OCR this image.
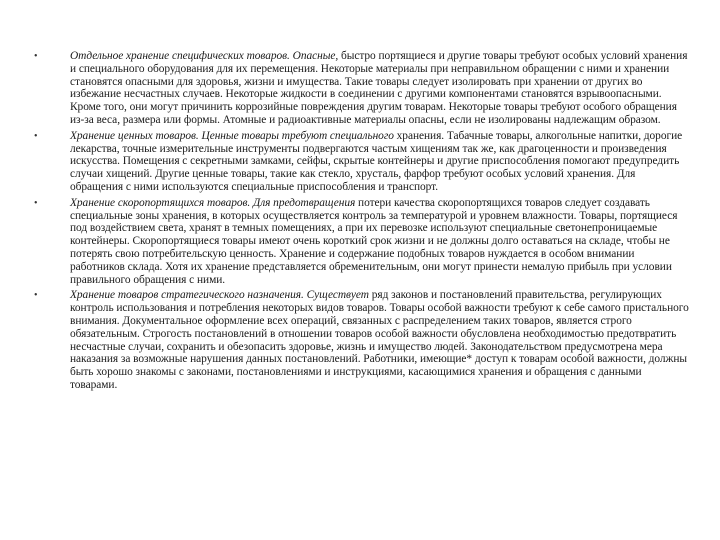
•	Отдельное хранение специфических товаров. Опасные, быстро портящиеся и другие товары требуют особых условий хранения и специального оборудования для их перемещения. Некоторые материалы при неправильном обращении с ними и хранении становятся опасными для здоровья, жизни и имущества. Такие товары следует изолировать при хранении от других во избежание несчастных случаев. Некоторые жидкости в соединении с другими компонентами становятся взрывоопасными. Кроме того, они могут причинить коррозийные повреждения другим товарам. Некоторые товары требуют особого обращения из-за веса, размера или формы. Атомные и радиоактивные материалы опасны, если не изолированы надлежащим образом.

•	Хранение ценных товаров. Ценные товары требуют специального хранения. Табачные товары, алкогольные напитки, дорогие лекарства, точные измерительные инструменты подвергаются частым хищениям так же, как драгоценности и произведения искусства. Помещения с секретными замками, сейфы, скрытые контейнеры и другие приспособления помогают предупредить случаи хищений. Другие ценные товары, такие как стекло, хрусталь, фарфор требуют особых условий хранения. Для обращения с ними используются специальные приспособления и транспорт.

•	Хранение скоропортящихся товаров. Для предотвращения потери качества скоропортящихся товаров следует создавать специальные зоны хранения, в которых осуществляется контроль за температурой и уровнем влажности. Товары, портящиеся под воздействием света, хранят в темных помещениях, а при их перевозке используют специальные светонепроницаемые контейнеры. Скоропортящиеся товары имеют очень короткий срок жизни и не должны долго оставаться на складе, чтобы не потерять свою потребительскую ценность. Хранение и содержание подобных товаров нуждается в особом внимании работников склада. Хотя их хранение представляется обременительным, они могут принести немалую прибыль при условии правильного обращения с ними.

•	Хранение товаров стратегического назначения. Существует ряд законов и постановлений правительства, регулирующих контроль использования и потребления некоторых видов товаров. Товары особой важности требуют к себе самого пристального внимания. Документальное оформление всех операций, связанных с распределением таких товаров, является строго обязательным. Строгость постановлений в отношении товаров особой важности обусловлена необходимостью предотвратить несчастные случаи, сохранить и обезопасить здоровье, жизнь и имущество людей. Законодательством предусмотрена мера наказания за возможные нарушения данных постановлений. Работники, имеющие* доступ к товарам особой важности, должны быть хорошо знакомы с законами, постановлениями и инструкциями, касающимися хранения и обращения с данными товарами.
